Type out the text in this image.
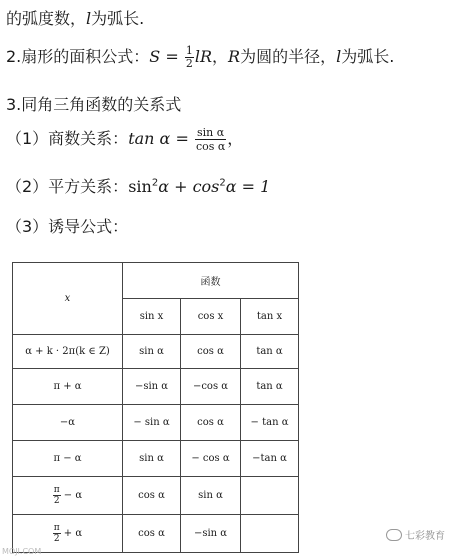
的弧度数，l为弧长.
2.扇形的面积公式：$S = \frac{1}{2}$ lR，R为圆的半径，l为弧长.
3.同角三角函数的关系式
（1）商数关系：$\tan \alpha = \frac{\text{sin α}}{\text{cos α}}$ ，
（2）平方关系：$\sin^2\alpha + \cos^2\alpha = 1$
（3）诱导公式：
x	函数		
	sin x	cos x	tan x
α + k · 2π(k ∈ Z)	sin α	cos α	tan α
π + α	−sin α	−cos α	tan α
−α	− sin α	cos α	− tan α
π − α	sin α	− cos α	−tan α

$\frac{\pi}{2} - \alpha$	cos α	sin α	

$\frac{\pi}{2} + \alpha$	cos α	−sin α		七彩教育
MOJI.COM
